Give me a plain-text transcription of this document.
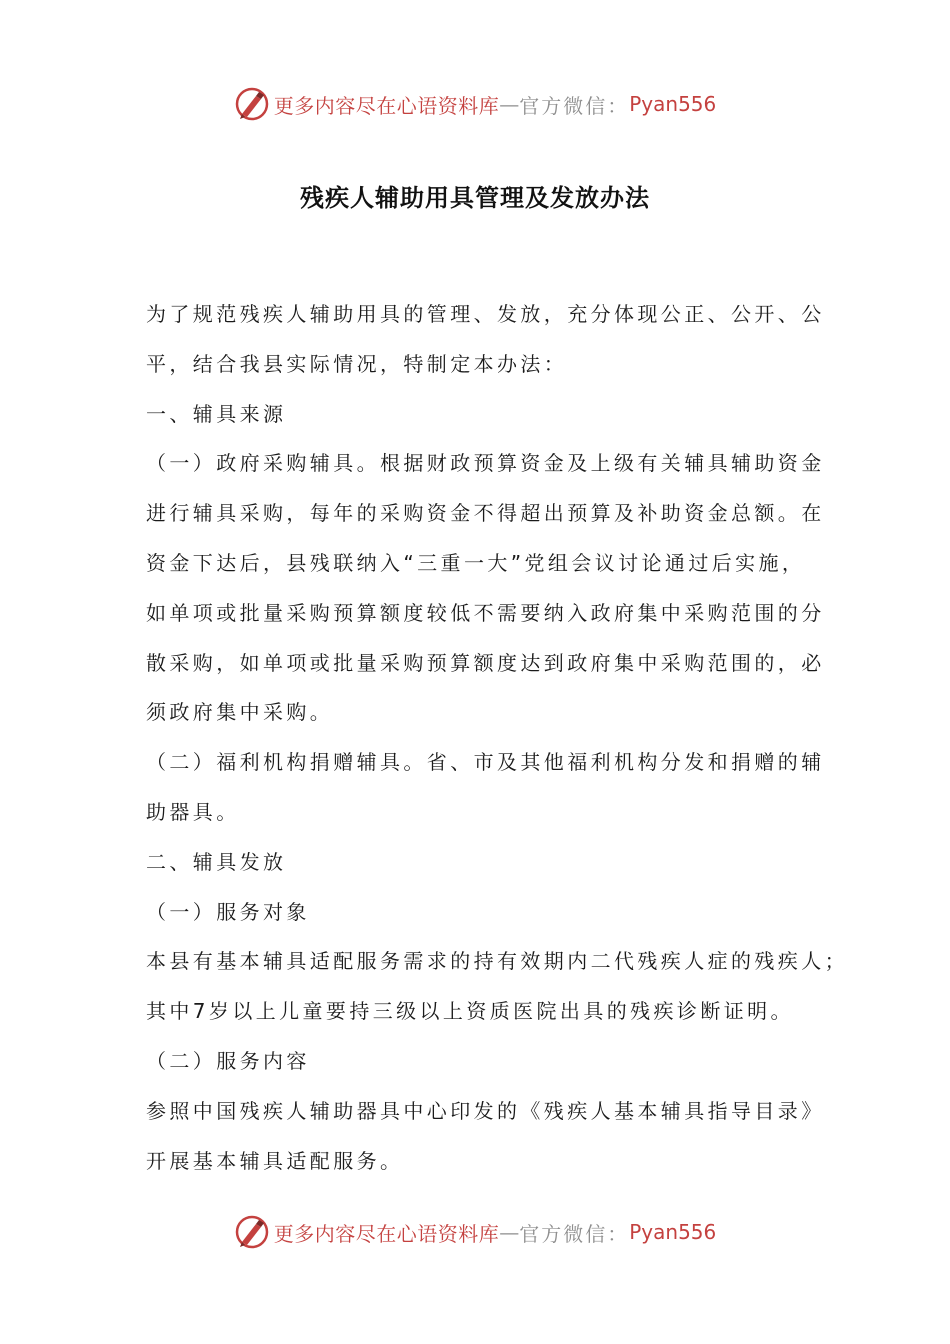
更多内容尽在心语资料库 — 官方微信： Pyan556
残疾人辅助用具管理及发放办法
为了规范残疾人辅助用具的管理、发放，充分体现公正、公开、公
平，结合我县实际情况，特制定本办法：
一、辅具来源
（一）政府采购辅具。根据财政预算资金及上级有关辅具辅助资金
进行辅具采购，每年的采购资金不得超出预算及补助资金总额。在
资金下达后，县残联纳入“三重一大”党组会议讨论通过后实施，
如单项或批量采购预算额度较低不需要纳入政府集中采购范围的分
散采购，如单项或批量采购预算额度达到政府集中采购范围的，必
须政府集中采购。
（二）福利机构捐赠辅具。省、市及其他福利机构分发和捐赠的辅
助器具。
二、辅具发放
（一）服务对象
本县有基本辅具适配服务需求的持有效期内二代残疾人症的残疾人；
其中7岁以上儿童要持三级以上资质医院出具的残疾诊断证明。
（二）服务内容
参照中国残疾人辅助器具中心印发的《残疾人基本辅具指导目录》
开展基本辅具适配服务。
更多内容尽在心语资料库 — 官方微信： Pyan556
